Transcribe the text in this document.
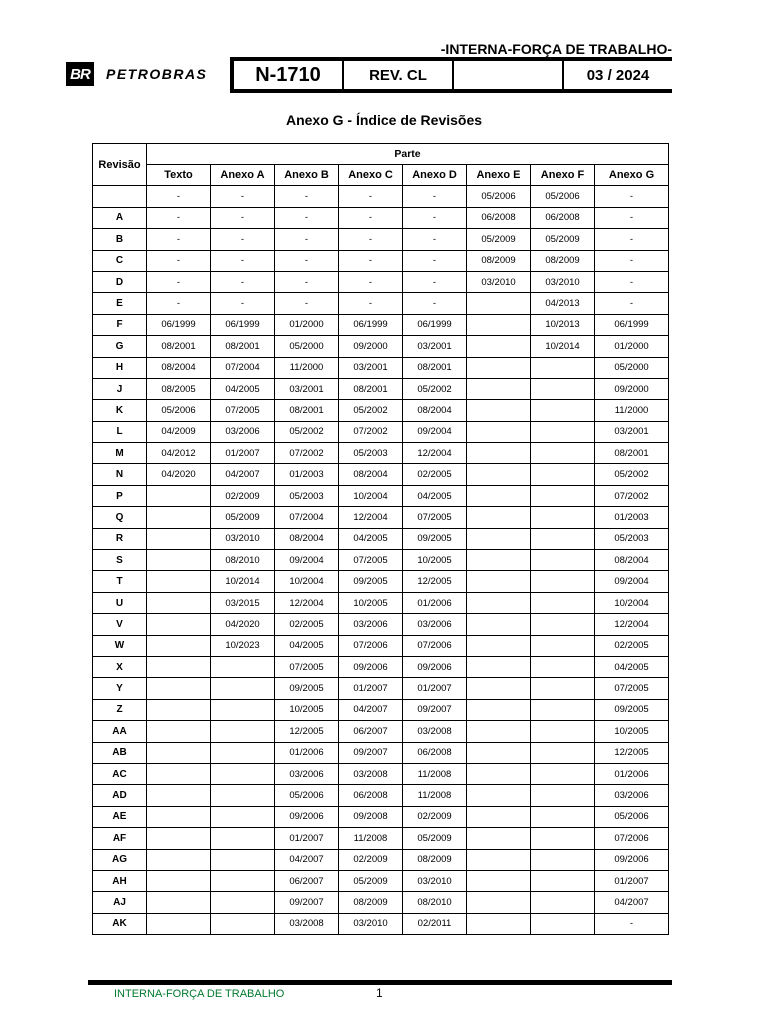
-INTERNA-FORÇA DE TRABALHO-
BR PETROBRAS	N-1710	REV. CL	03 / 2024
Anexo G - Índice de Revisões
Revisão	Parte							
	Texto	Anexo A	Anexo B	Anexo C	Anexo D	Anexo E	Anexo F	Anexo G
	-	-	-	-	-	05/2006	05/2006	-
A	-	-	-	-	-	06/2008	06/2008	-
B	-	-	-	-	-	05/2009	05/2009	-
C	-	-	-	-	-	08/2009	08/2009	-
D	-	-	-	-	-	03/2010	03/2010	-
E	-	-	-	-	-		04/2013	-
F	06/1999	06/1999	01/2000	06/1999	06/1999		10/2013	06/1999
G	08/2001	08/2001	05/2000	09/2000	03/2001		10/2014	01/2000
H	08/2004	07/2004	11/2000	03/2001	08/2001			05/2000
J	08/2005	04/2005	03/2001	08/2001	05/2002			09/2000
K	05/2006	07/2005	08/2001	05/2002	08/2004			11/2000
L	04/2009	03/2006	05/2002	07/2002	09/2004			03/2001
M	04/2012	01/2007	07/2002	05/2003	12/2004			08/2001
N	04/2020	04/2007	01/2003	08/2004	02/2005			05/2002
P		02/2009	05/2003	10/2004	04/2005			07/2002
Q		05/2009	07/2004	12/2004	07/2005			01/2003
R		03/2010	08/2004	04/2005	09/2005			05/2003
S		08/2010	09/2004	07/2005	10/2005			08/2004
T		10/2014	10/2004	09/2005	12/2005			09/2004
U		03/2015	12/2004	10/2005	01/2006			10/2004
V		04/2020	02/2005	03/2006	03/2006			12/2004
W		10/2023	04/2005	07/2006	07/2006			02/2005
X			07/2005	09/2006	09/2006			04/2005
Y			09/2005	01/2007	01/2007			07/2005
Z			10/2005	04/2007	09/2007			09/2005
AA			12/2005	06/2007	03/2008			10/2005
AB			01/2006	09/2007	06/2008			12/2005
AC			03/2006	03/2008	11/2008			01/2006
AD			05/2006	06/2008	11/2008			03/2006
AE			09/2006	09/2008	02/2009			05/2006
AF			01/2007	11/2008	05/2009			07/2006
AG			04/2007	02/2009	08/2009			09/2006
AH			06/2007	05/2009	03/2010			01/2007
AJ			09/2007	08/2009	08/2010			04/2007
AK			03/2008	03/2010	02/2011			-
INTERNA-FORÇA DE TRABALHO	1
